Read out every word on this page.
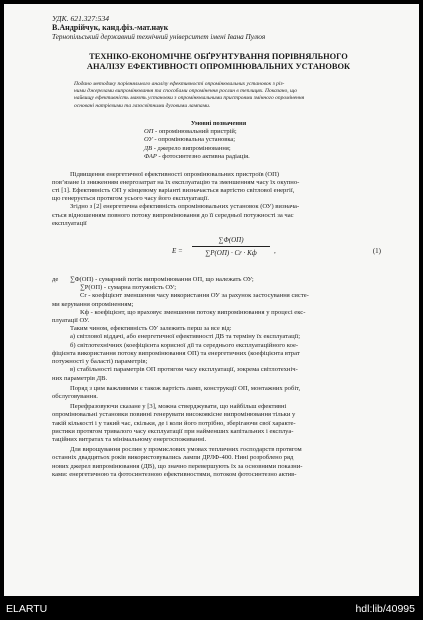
УДК. 621.327:534
В.Андрійчук, канд.фіз.-мат.наук
Тернопільський державний технічний університет імені Івана Пулюя
ТЕХНІКО-ЕКОНОМІЧНЕ ОБҐРУНТУВАННЯ ПОРІВНЯЛЬНОГО
АНАЛІЗУ ЕФЕКТИВНОСТІ ОПРОМІНЮВАЛЬНИХ УСТАНОВОК
Подано методику порівняльного аналізу ефективності опромінювальних установок з різ-
ними джерелами випромінювання та способами опромінення рослин в теплицях. Показано, що
найвищу ефективність мають установки з опромінювальними пристроями змінного опромінення
основані натрієвими та газосвітними дуговими лампами.
Умовні позначення
ОП - опромінювальний пристрій;
ОУ - опромінювальна установка;
ДВ - джерело випромінювання;
ФАР - фотосинтезно активна радіація.

Підвищення енергетичної ефективності опромінювальних пристроїв (ОП)

пов’язане із зниженням енергозатрат на їх експлуатацію та зменшенням часу їх окупно-
сті [1]. Ефективність ОП у кінцевому варіанті визначається вартістю світлової енергії,
що генерується протягом усього часу його експлуатації.

Згідно з [2] енергетична ефективність опромінювальних установок (ОУ) визнача-

ється відношенням повного потоку випромінювання до її середньої потужності за час
експлуатації
E =
∑Φ(ОП)
∑P(ОП) · Cr · Kф	,	(1)
де ∑Φ(ОП) - сумарний потік випромінювання ОП, що належать ОУ;
∑P(ОП) - сумарна потужність ОУ;
Cr - коефіцієнт зменшення часу використання ОУ за рахунок застосування систе-
ми керування опроміненням;
Kф - коефіцієнт, що враховує зменшення потоку випромінювання у процесі екс-
плуатації ОУ.

Таким чином, ефективність ОУ залежить перш за все від:

а) світлової віддачі, або енергетичної ефективності ДВ та терміну їх експлуатації;

б) світлотехнічних (коефіцієнта корисної дії та середнього експлуатаційного кое-

фіцієнта використання потоку випромінювання ОП) та енергетичних (коефіцієнта втрат
потужності у баласті) параметрів;

в) стабільності параметрів ОП протягом часу експлуатації, зокрема світлотехніч-

них параметрів ДВ.

Поряд з цим важливими є також вартість ламп, конструкції ОП, монтажних робіт,

обслуговування.

Перефразовуючи сказане у [3], можна стверджувати, що найбільш ефективні

опромінювальні установки повинні генерувати високоякісне випромінювання тільки у
такій кількості і у такий час, скільки, де і коли його потрібно, зберігаючи свої характе-
ристики протягом тривалого часу експлуатації при найменших капітальних і експлуа-
таційних витратах та мінімальному енергоспоживанні.

Для вирощування рослин у промислових умовах тепличних господарств протягом

останніх двадцятьох років використовувались лампи ДРЛФ-400. Нині розроблено ряд
нових джерел випромінювання (ДВ), що значно перевершують їх за основними показни-
ками: енергетичною та фотосинтезною ефективностями, потоком фотосинтезно актив-
ELARTU	hdl:lib/40995
